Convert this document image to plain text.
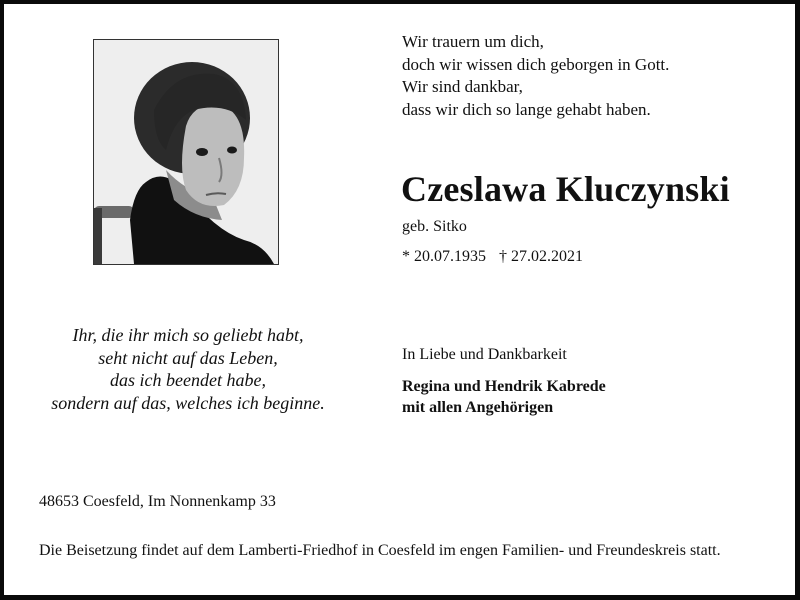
Wir trauern um dich,
doch wir wissen dich geborgen in Gott.
Wir sind dankbar,
dass wir dich so lange gehabt haben.
Czeslawa Kluczynski
geb. Sitko
* 20.07.1935 † 27.02.2021
Ihr, die ihr mich so geliebt habt,
seht nicht auf das Leben,
das ich beendet habe,
sondern auf das, welches ich beginne.
In Liebe und Dankbarkeit
Regina und Hendrik Kabrede
mit allen Angehörigen
48653 Coesfeld, Im Nonnenkamp 33
Die Beisetzung findet auf dem Lamberti-Friedhof in Coesfeld im engen Familien- und Freundeskreis statt.
